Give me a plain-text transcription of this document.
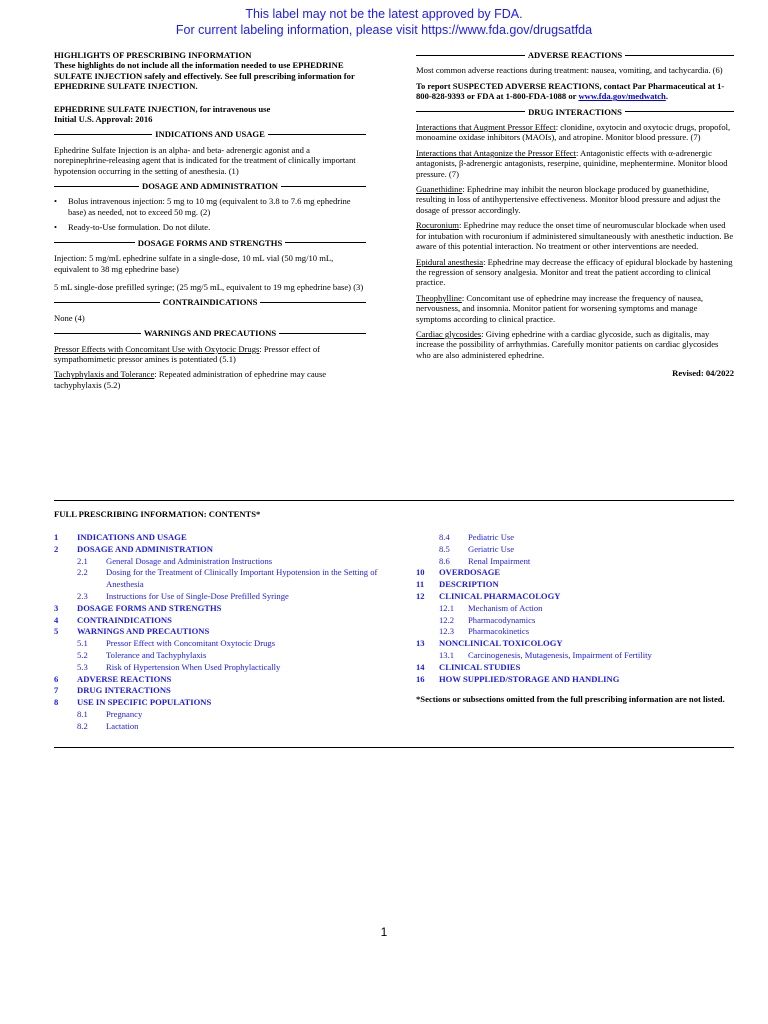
This label may not be the latest approved by FDA.
For current labeling information, please visit https://www.fda.gov/drugsatfda
HIGHLIGHTS OF PRESCRIBING INFORMATION
These highlights do not include all the information needed to use EPHEDRINE SULFATE INJECTION safely and effectively. See full prescribing information for EPHEDRINE SULFATE INJECTION.
EPHEDRINE SULFATE INJECTION, for intravenous use
Initial U.S. Approval: 2016
INDICATIONS AND USAGE
Ephedrine Sulfate Injection is an alpha- and beta- adrenergic agonist and a norepinephrine-releasing agent that is indicated for the treatment of clinically important hypotension occurring in the setting of anesthesia. (1)
DOSAGE AND ADMINISTRATION
•	Bolus intravenous injection: 5 mg to 10 mg (equivalent to 3.8 to 7.6 mg ephedrine base) as needed, not to exceed 50 mg. (2)
•	Ready-to-Use formulation. Do not dilute.
DOSAGE FORMS AND STRENGTHS
Injection: 5 mg/mL ephedrine sulfate in a single-dose, 10 mL vial (50 mg/10 mL, equivalent to 38 mg ephedrine base)
5 mL single-dose prefilled syringe; (25 mg/5 mL, equivalent to 19 mg ephedrine base) (3)
CONTRAINDICATIONS
None (4)
WARNINGS AND PRECAUTIONS
Pressor Effects with Concomitant Use with Oxytocic Drugs: Pressor effect of sympathomimetic pressor amines is potentiated (5.1)
Tachyphylaxis and Tolerance: Repeated administration of ephedrine may cause tachyphylaxis (5.2)
ADVERSE REACTIONS
Most common adverse reactions during treatment: nausea, vomiting, and tachycardia. (6)
To report SUSPECTED ADVERSE REACTIONS, contact Par Pharmaceutical at 1-800-828-9393 or FDA at 1-800-FDA-1088 or www.fda.gov/medwatch.
DRUG INTERACTIONS
Interactions that Augment Pressor Effect: clonidine, oxytocin and oxytocic drugs, propofol, monoamine oxidase inhibitors (MAOIs), and atropine. Monitor blood pressure. (7)
Interactions that Antagonize the Pressor Effect: Antagonistic effects with α-adrenergic antagonists, β-adrenergic antagonists, reserpine, quinidine, mephentermine. Monitor blood pressure. (7)
Guanethidine: Ephedrine may inhibit the neuron blockage produced by guanethidine, resulting in loss of antihypertensive effectiveness. Monitor blood pressure and adjust the dosage of pressor accordingly.
Rocuronium: Ephedrine may reduce the onset time of neuromuscular blockade when used for intubation with rocuronium if administered simultaneously with anesthetic induction. Be aware of this potential interaction. No treatment or other interventions are needed.
Epidural anesthesia: Ephedrine may decrease the efficacy of epidural blockade by hastening the regression of sensory analgesia. Monitor and treat the patient according to clinical practice.
Theophylline: Concomitant use of ephedrine may increase the frequency of nausea, nervousness, and insomnia. Monitor patient for worsening symptoms and manage symptoms according to clinical practice.
Cardiac glycosides: Giving ephedrine with a cardiac glycoside, such as digitalis, may increase the possibility of arrhythmias. Carefully monitor patients on cardiac glycosides who are also administered ephedrine.
Revised: 04/2022
FULL PRESCRIBING INFORMATION: CONTENTS*
1	INDICATIONS AND USAGE
2	DOSAGE AND ADMINISTRATION
2.1	General Dosage and Administration Instructions
2.2	Dosing for the Treatment of Clinically Important Hypotension in the Setting of Anesthesia
2.3	Instructions for Use of Single-Dose Prefilled Syringe
3	DOSAGE FORMS AND STRENGTHS
4	CONTRAINDICATIONS
5	WARNINGS AND PRECAUTIONS
5.1	Pressor Effect with Concomitant Oxytocic Drugs
5.2	Tolerance and Tachyphylaxis
5.3	Risk of Hypertension When Used Prophylactically
6	ADVERSE REACTIONS
7	DRUG INTERACTIONS
8	USE IN SPECIFIC POPULATIONS
8.1	Pregnancy
8.2	Lactation
8.4	Pediatric Use
8.5	Geriatric Use
8.6	Renal Impairment
10	OVERDOSAGE
11	DESCRIPTION
12	CLINICAL PHARMACOLOGY
12.1	Mechanism of Action
12.2	Pharmacodynamics
12.3	Pharmacokinetics
13	NONCLINICAL TOXICOLOGY
13.1	Carcinogenesis, Mutagenesis, Impairment of Fertility
14	CLINICAL STUDIES
16	HOW SUPPLIED/STORAGE AND HANDLING
*Sections or subsections omitted from the full prescribing information are not listed.
1
